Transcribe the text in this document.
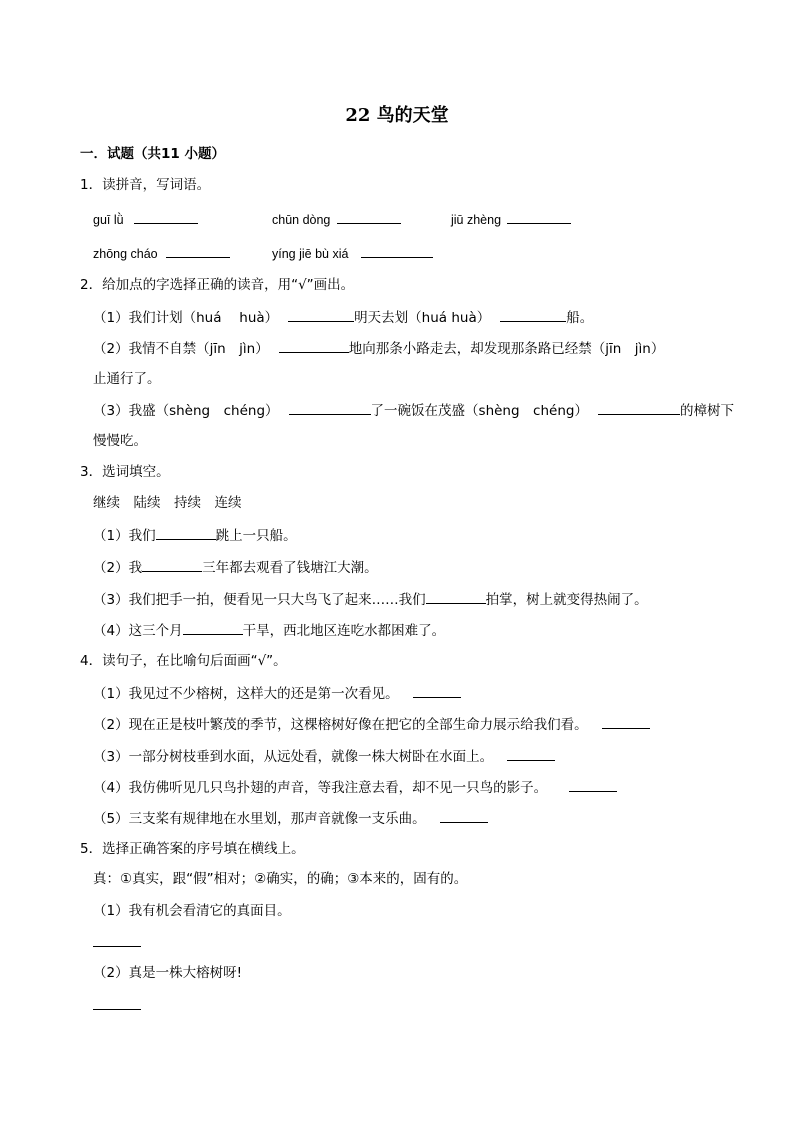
22 鸟的天堂
一．试题（共11 小题）
1．读拼音，写词语。
guī lǜ	chūn dòng	jiū zhèng
zhōng cháo	yíng jiē bù xiá
2．给加点的字选择正确的读音，用“√”画出。
（1）我们计划（huá　 huà）	明天去划（huá huà）	船。
（2）我情不自禁（jīn　jìn）	地向那条小路走去，却发现那条路已经禁（jīn　jìn）
止通行了。
（3）我盛（shèng　chéng）	了一碗饭在茂盛（shèng　chéng）	的樟树下
慢慢吃。
3．选词填空。
继续　陆续　持续　连续
（1）我们	跳上一只船。
（2）我	三年都去观看了钱塘江大潮。
（3）我们把手一拍，便看见一只大鸟飞了起来……我们	拍掌，树上就变得热闹了。
（4）这三个月	干旱，西北地区连吃水都困难了。
4．读句子，在比喻句后面画“√”。
（1）我见过不少榕树，这样大的还是第一次看见。
（2）现在正是枝叶繁茂的季节，这棵榕树好像在把它的全部生命力展示给我们看。
（3）一部分树枝垂到水面，从远处看，就像一株大树卧在水面上。
（4）我仿佛听见几只鸟扑翅的声音，等我注意去看，却不见一只鸟的影子。
（5）三支桨有规律地在水里划，那声音就像一支乐曲。
5．选择正确答案的序号填在横线上。
真：①真实，跟“假”相对；②确实，的确；③本来的，固有的。
（1）我有机会看清它的真面目。
（2）真是一株大榕树呀!
